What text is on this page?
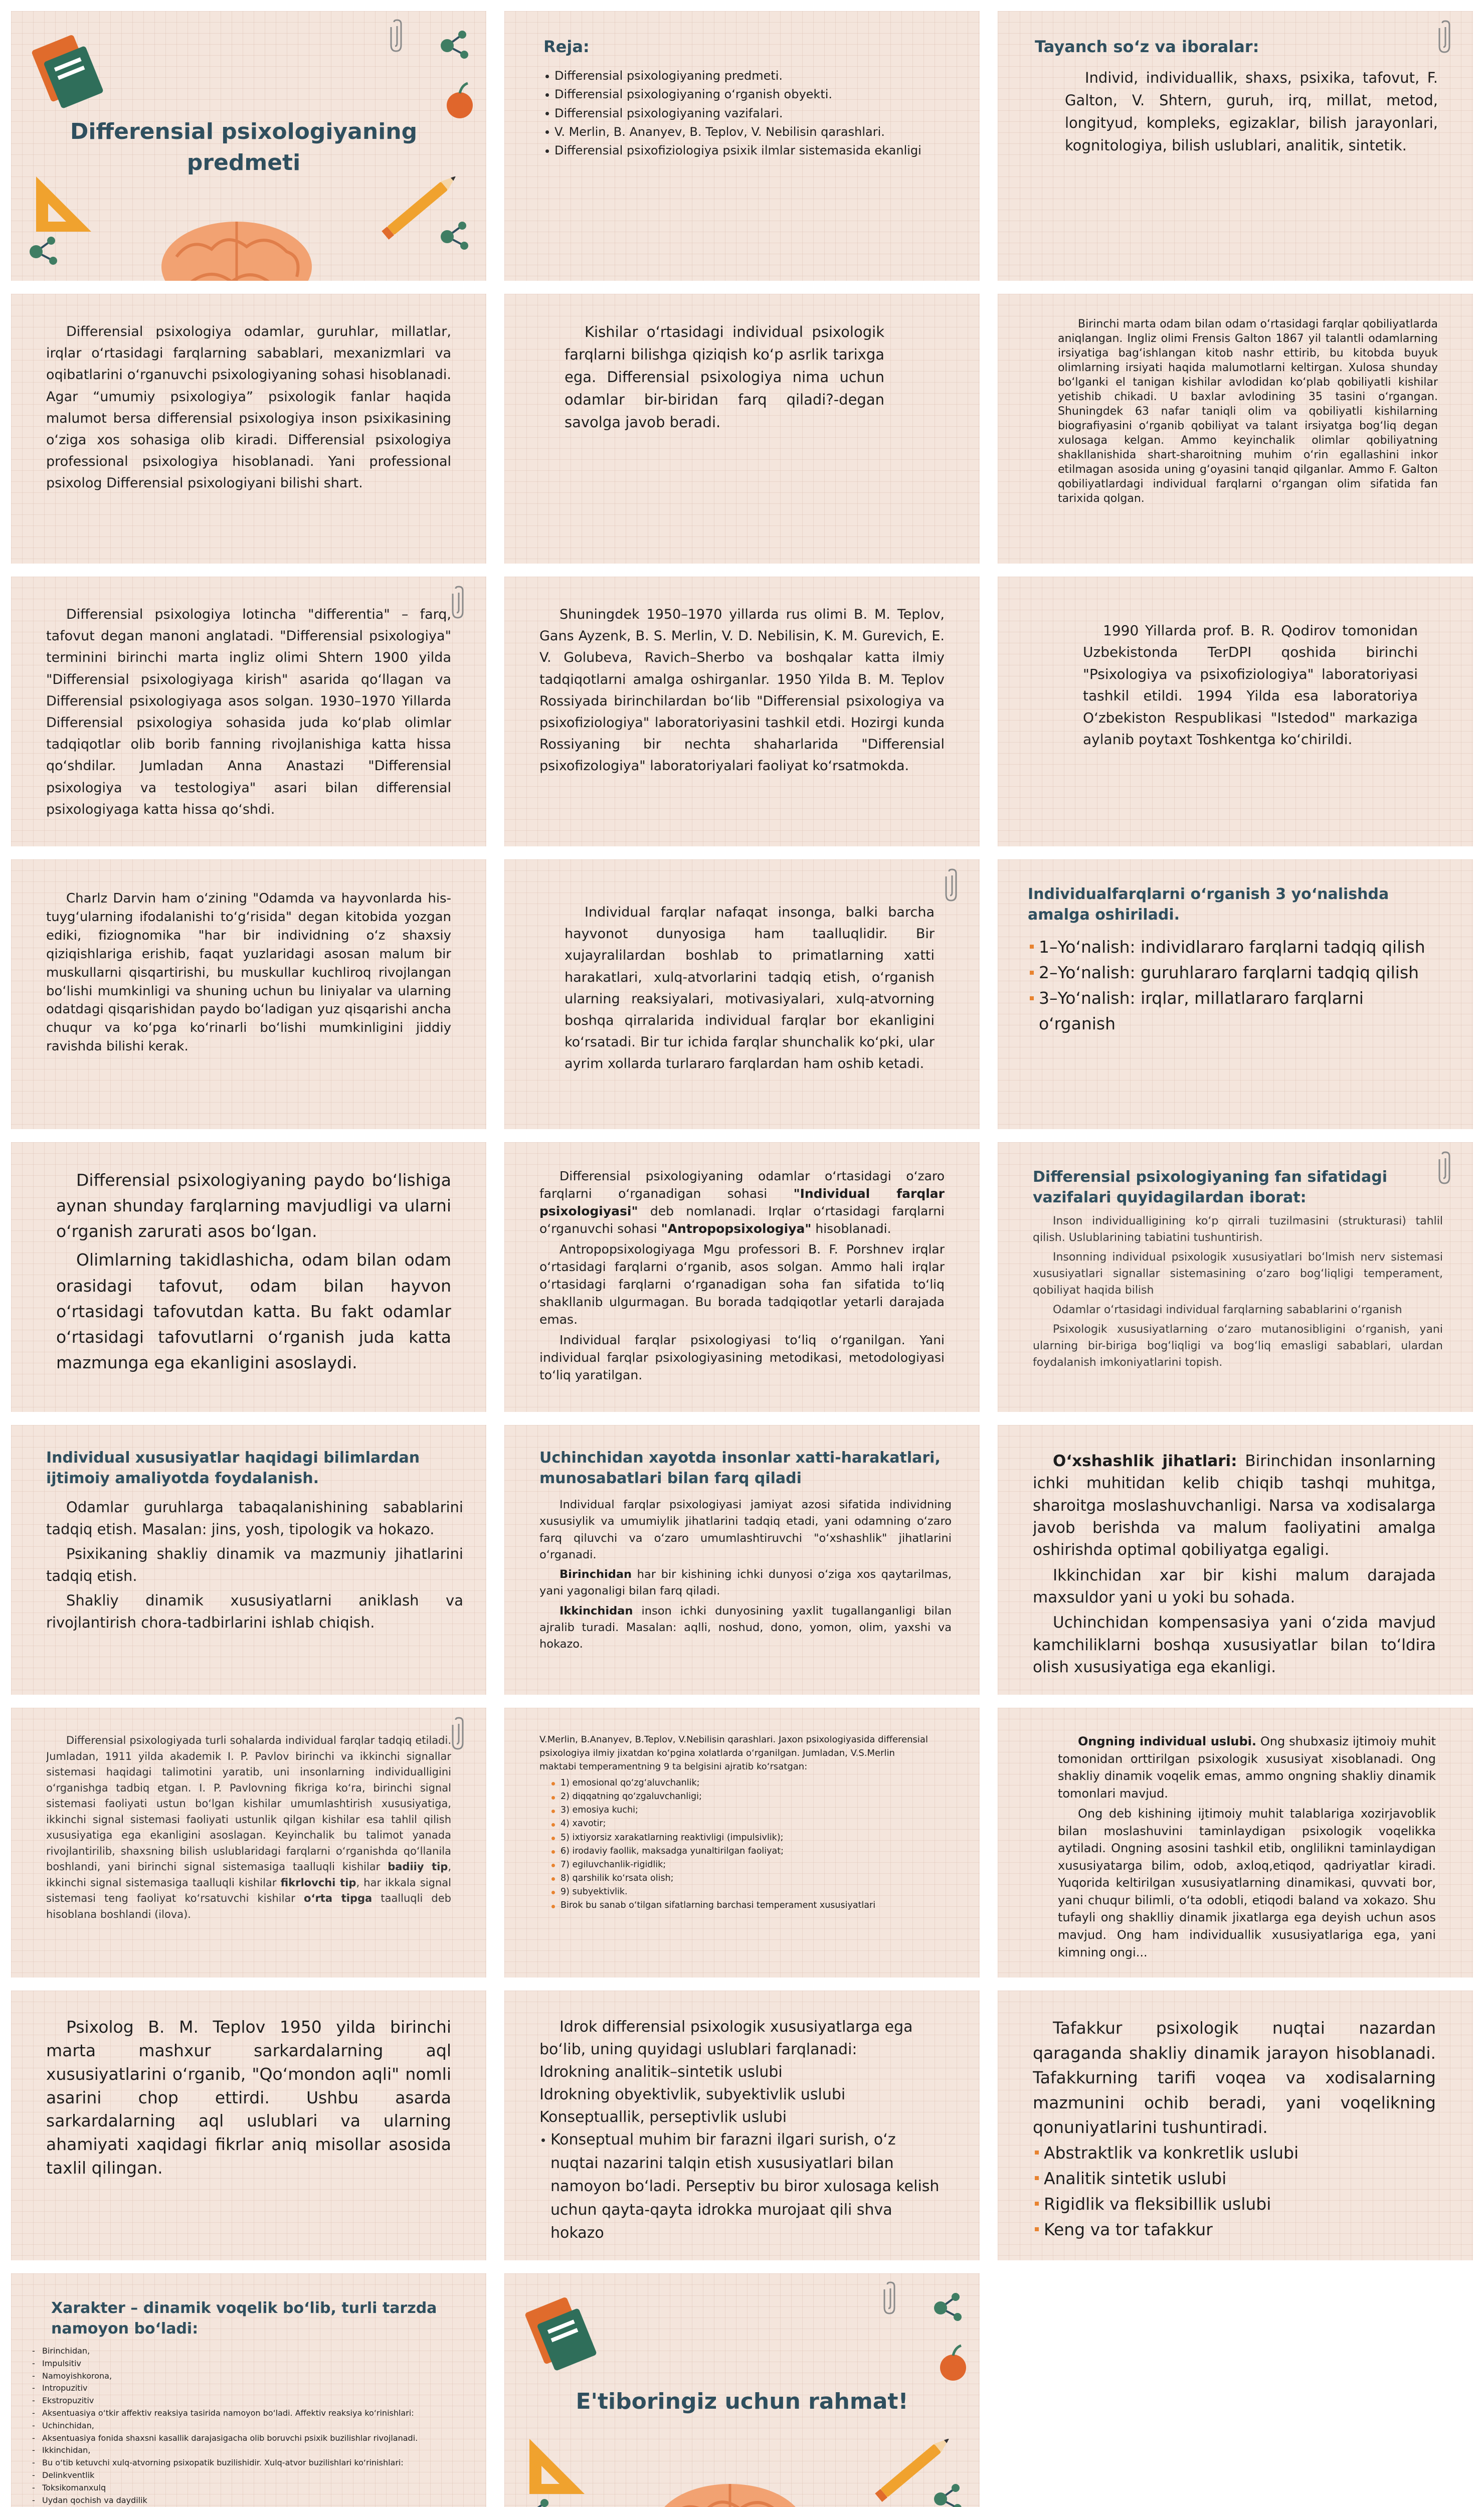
Differensial psixologiyaning predmeti
Reja:
Differensial psixologiyaning predmeti.
Differensial psixologiyaning o‘rganish obyekti.
Differensial psixologiyaning vazifalari.
V. Merlin, B. Ananyev, B. Teplov, V. Nebilisin qarashlari.
Differensial psixofiziologiya psixik ilmlar sistemasida ekanligi
Tayanch so‘z va iboralar:

Individ, individuallik, shaxs, psixika, tafovut, F. Galton, V. Shtern, guruh, irq, millat, metod, longityud, kompleks, egizaklar, bilish jarayonlari, kognitologiya, bilish uslublari, analitik, sintetik.

Differensial psixologiya odamlar, guruhlar, millatlar, irqlar o‘rtasidagi farqlarning sabablari, mexanizmlari va oqibatlarini o‘rganuvchi psixologiyaning sohasi hisoblanadi. Agar “umumiy psixologiya” psixologik fanlar haqida malumot bersa differensial psixologiya inson psixikasining o‘ziga xos sohasiga olib kiradi. Differensial psixologiya professional psixologiya hisoblanadi. Yani professional psixolog Differensial psixologiyani bilishi shart.

Kishilar o‘rtasidagi individual psixologik farqlarni bilishga qiziqish ko‘p asrlik tarixga ega. Differensial psixologiya nima uchun odamlar bir-biridan farq qiladi?-degan savolga javob beradi.

Birinchi marta odam bilan odam o‘rtasidagi farqlar qobiliyatlarda aniqlangan. Ingliz olimi Frensis Galton 1867 yil talantli odamlarning irsiyatiga bag‘ishlangan kitob nashr ettirib, bu kitobda buyuk olimlarning irsiyati haqida malumotlarni keltirgan. Xulosa shunday bo‘lganki el tanigan kishilar avlodidan ko‘plab qobiliyatli kishilar yetishib chikadi. U baxlar avlodining 35 tasini o‘rgangan. Shuningdek 63 nafar taniqli olim va qobiliyatli kishilarning biografiyasini o‘rganib qobiliyat va talant irsiyatga bog‘liq degan xulosaga kelgan. Ammo keyinchalik olimlar qobiliyatning shakllanishida shart-sharoitning muhim o‘rin egallashini inkor etilmagan asosida uning g‘oyasini tanqid qilganlar. Ammo F. Galton qobiliyatlardagi individual farqlarni o‘rgangan olim sifatida fan tarixida qolgan.

Differensial psixologiya lotincha "differentia" – farq, tafovut degan manoni anglatadi. "Differensial psixologiya" terminini birinchi marta ingliz olimi Shtern 1900 yilda "Differensial psixologiyaga kirish" asarida qo‘llagan va Differensial psixologiyaga asos solgan. 1930–1970 Yillarda Differensial psixologiya sohasida juda ko‘plab olimlar tadqiqotlar olib borib fanning rivojlanishiga katta hissa qo‘shdilar. Jumladan Anna Anastazi "Differensial psixologiya va testologiya" asari bilan differensial psixologiyaga katta hissa qo‘shdi.

Shuningdek 1950–1970 yillarda rus olimi B. M. Teplov, Gans Ayzenk, B. S. Merlin, V. D. Nebilisin, K. M. Gurevich, E. V. Golubeva, Ravich–Sherbo va boshqalar katta ilmiy tadqiqotlarni amalga oshirganlar. 1950 Yilda B. M. Teplov Rossiyada birinchilardan bo‘lib "Differensial psixologiya va psixofiziologiya" laboratoriyasini tashkil etdi. Hozirgi kunda Rossiyaning bir nechta shaharlarida "Differensial psixofizologiya" laboratoriyalari faoliyat ko‘rsatmokda.

1990 Yillarda prof. B. R. Qodirov tomonidan Uzbekistonda TerDPI qoshida birinchi "Psixologiya va psixofiziologiya" laboratoriyasi tashkil etildi. 1994 Yilda esa laboratoriya O‘zbekiston Respublikasi "Istedod" markaziga aylanib poytaxt Toshkentga ko‘chirildi.

Charlz Darvin ham o‘zining "Odamda va hayvonlarda his-tuyg‘ularning ifodalanishi to‘g‘risida" degan kitobida yozgan ediki, fiziognomika "har bir individning o‘z shaxsiy qiziqishlariga erishib, faqat yuzlaridagi asosan malum bir muskullarni qisqartirishi, bu muskullar kuchliroq rivojlangan bo‘lishi mumkinligi va shuning uchun bu liniyalar va ularning odatdagi qisqarishidan paydo bo‘ladigan yuz qisqarishi ancha chuqur va ko‘pga ko‘rinarli bo‘lishi mumkinligini jiddiy ravishda bilishi kerak.

Individual farqlar nafaqat insonga, balki barcha hayvonot dunyosiga ham taalluqlidir. Bir xujayralilardan boshlab to primatlarning xatti harakatlari, xulq-atvorlarini tadqiq etish, o‘rganish ularning reaksiyalari, motivasiyalari, xulq-atvorning boshqa qirralarida individual farqlar bor ekanligini ko‘rsatadi. Bir tur ichida farqlar shunchalik ko‘pki, ular ayrim xollarda turlararo farqlardan ham oshib ketadi.

Individualfarqlarni o‘rganish 3 yo‘nalishda amalga oshiriladi.
1–Yo‘nalish: individlararo farqlarni tadqiq qilish
2–Yo‘nalish: guruhlararo farqlarni tadqiq qilish
3–Yo‘nalish: irqlar, millatlararo farqlarni o‘rganish

Differensial psixologiyaning paydo bo‘lishiga aynan shunday farqlarning mavjudligi va ularni o‘rganish zarurati asos bo‘lgan.

Olimlarning takidlashicha, odam bilan odam orasidagi tafovut, odam bilan hayvon o‘rtasidagi tafovutdan katta. Bu fakt odamlar o‘rtasidagi tafovutlarni o‘rganish juda katta mazmunga ega ekanligini asoslaydi.

Differensial psixologiyaning odamlar o‘rtasidagi o‘zaro farqlarni o‘rganadigan sohasi "Individual farqlar psixologiyasi" deb nomlanadi. Irqlar o‘rtasidagi farqlarni o‘rganuvchi sohasi "Antropopsixologiya" hisoblanadi.

Antropopsixologiyaga Mgu professori B. F. Porshnev irqlar o‘rtasidagi farqlarni o‘rganib, asos solgan. Ammo hali irqlar o‘rtasidagi farqlarni o‘rganadigan soha fan sifatida to‘liq shakllanib ulgurmagan. Bu borada tadqiqotlar yetarli darajada emas.

Individual farqlar psixologiyasi to‘liq o‘rganilgan. Yani individual farqlar psixologiyasining metodikasi, metodologiyasi to‘liq yaratilgan.

Differensial psixologiyaning fan sifatidagi vazifalari quyidagilardan iborat:

Inson individualligining ko‘p qirrali tuzilmasini (strukturasi) tahlil qilish. Uslublarining tabiatini tushuntirish.

Insonning individual psixologik xususiyatlari bo‘lmish nerv sistemasi xususiyatlari signallar sistemasining o‘zaro bog‘liqligi temperament, qobiliyat haqida bilish

Odamlar o‘rtasidagi individual farqlarning sabablarini o‘rganish

Psixologik xususiyatlarning o‘zaro mutanosibligini o‘rganish, yani ularning bir-biriga bog‘liqligi va bog‘liq emasligi sabablari, ulardan foydalanish imkoniyatlarini topish.

Individual xususiyatlar haqidagi bilimlardan ijtimoiy amaliyotda foydalanish.

Odamlar guruhlarga tabaqalanishining sabablarini tadqiq etish. Masalan: jins, yosh, tipologik va hokazo.

Psixikaning shakliy dinamik va mazmuniy jihatlarini tadqiq etish.

Shakliy dinamik xususiyatlarni aniklash va rivojlantirish chora-tadbirlarini ishlab chiqish.

Uchinchidan xayotda insonlar xatti-harakatlari, munosabatlari bilan farq qiladi

Individual farqlar psixologiyasi jamiyat azosi sifatida individning xususiylik va umumiylik jihatlarini tadqiq etadi, yani odamning o‘zaro farq qiluvchi va o‘zaro umumlashtiruvchi "o‘xshashlik" jihatlarini o‘rganadi.

Birinchidan har bir kishining ichki dunyosi o‘ziga xos qaytarilmas, yani yagonaligi bilan farq qiladi.

Ikkinchidan inson ichki dunyosining yaxlit tugallanganligi bilan ajralib turadi. Masalan: aqlli, noshud, dono, yomon, olim, yaxshi va hokazo.

O‘xshashlik jihatlari: Birinchidan insonlarning ichki muhitidan kelib chiqib tashqi muhitga, sharoitga moslashuvchanligi. Narsa va xodisalarga javob berishda va malum faoliyatini amalga oshirishda optimal qobiliyatga egaligi.

Ikkinchidan xar bir kishi malum darajada maxsuldor yani u yoki bu sohada.

Uchinchidan kompensasiya yani o‘zida mavjud kamchiliklarni boshqa xususiyatlar bilan to‘ldira olish xususiyatiga ega ekanligi.

Differensial psixologiyada turli sohalarda individual farqlar tadqiq etiladi. Jumladan, 1911 yilda akademik I. P. Pavlov birinchi va ikkinchi signallar sistemasi haqidagi talimotini yaratib, uni insonlarning individualligini o‘rganishga tadbiq etgan. I. P. Pavlovning fikriga ko‘ra, birinchi signal sistemasi faoliyati ustun bo‘lgan kishilar umumlashtirish xususiyatiga, ikkinchi signal sistemasi faoliyati ustunlik qilgan kishilar esa tahlil qilish xususiyatiga ega ekanligini asoslagan. Keyinchalik bu talimot yanada rivojlantirilib, shaxsning bilish uslublaridagi farqlarni o‘rganishda qo‘llanila boshlandi, yani birinchi signal sistemasiga taalluqli kishilar badiiy tip, ikkinchi signal sistemasiga taalluqli kishilar fikrlovchi tip, har ikkala signal sistemasi teng faoliyat ko‘rsatuvchi kishilar o‘rta tipga taalluqli deb hisoblana boshlandi (ilova).

V.Merlin, B.Ananyev, B.Teplov, V.Nebilisin qarashlari. Jaxon psixologiyasida differensial psixologiya ilmiy jixatdan ko‘pgina xolatlarda o‘rganilgan. Jumladan, V.S.Merlin maktabi temperamentning 9 ta belgisini ajratib ko‘rsatgan:

1) emosional qo‘zg‘aluvchanlik;
2) diqqatning qo‘zgaluvchanligi;
3) emosiya kuchi;
4) xavotir;
5) ixtiyorsiz xarakatlarning reaktivligi (impulsivlik);
6) irodaviy faollik, maksadga yunaltirilgan faoliyat;
7) egiluvchanlik-rigidlik;
8) qarshilik ko‘rsata olish;
9) subyektivlik.
Birok bu sanab o‘tilgan sifatlarning barchasi temperament xususiyatlari

Ongning individual uslubi. Ong shubxasiz ijtimoiy muhit tomonidan orttirilgan psixologik xususiyat xisoblanadi. Ong shakliy dinamik voqelik emas, ammo ongning shakliy dinamik tomonlari mavjud.

Ong deb kishining ijtimoiy muhit talablariga xozirjavoblik bilan moslashuvini taminlaydigan psixologik voqelikka aytiladi. Ongning asosini tashkil etib, onglilikni taminlaydigan xususiyatarga bilim, odob, axloq,etiqod, qadriyatlar kiradi. Yuqorida keltirilgan xususiyatlarning dinamikasi, quvvati bor, yani chuqur bilimli, o‘ta odobli, etiqodi baland va xokazo. Shu tufayli ong shaklliy dinamik jixatlarga ega deyish uchun asos mavjud. Ong ham individuallik xususiyatlariga ega, yani kimning ongi...

Psixolog B. M. Teplov 1950 yilda birinchi marta mashxur sarkardalarning aql xususiyatlarini o‘rganib, "Qo‘mondon aqli" nomli asarini chop ettirdi. Ushbu asarda sarkardalarning aql uslublari va ularning ahamiyati xaqidagi fikrlar aniq misollar asosida taxlil qilingan.

Idrok differensial psixologik xususiyatlarga ega bo‘lib, uning quyidagi uslublari farqlanadi:

Idrokning analitik–sintetik uslubi

Idrokning obyektivlik, subyektivlik uslubi

Konseptuallik, perseptivlik uslubi

Konseptual muhim bir farazni ilgari surish, o‘z nuqtai nazarini talqin etish xususiyatlari bilan namoyon bo‘ladi. Perseptiv bu biror xulosaga kelish uchun qayta-qayta idrokka murojaat qili shva hokazo

Tafakkur psixologik nuqtai nazardan qaraganda shakliy dinamik jarayon hisoblanadi. Tafakkurning tarifi voqea va xodisalarning mazmunini ochib beradi, yani voqelikning qonuniyatlarini tushuntiradi.

Abstraktlik va konkretlik uslubi
Analitik sintetik uslubi
Rigidlik va fleksibillik uslubi
Keng va tor tafakkur
Xarakter – dinamik voqelik bo‘lib, turli tarzda namoyon bo‘ladi:
- Birinchidan,
- Impulsitiv
- Namoyishkorona,
- Intropuzitiv
- Ekstropuzitiv
- Aksentuasiya o‘tkir affektiv reaksiya tasirida namoyon bo‘ladi. Affektiv reaksiya ko‘rinishlari:
- Uchinchidan,
- Aksentuasiya fonida shaxsni kasallik darajasigacha olib boruvchi psixik buzilishlar rivojlanadi.
- Ikkinchidan,
- Bu o‘tib ketuvchi xulq-atvorning psixopatik buzilishidir. Xulq-atvor buzilishlari ko‘rinishlari:
- Delinkventlik
- Toksikomanxulq
- Uydan qochish va daydilik
-
E'tiboringiz uchun rahmat!
